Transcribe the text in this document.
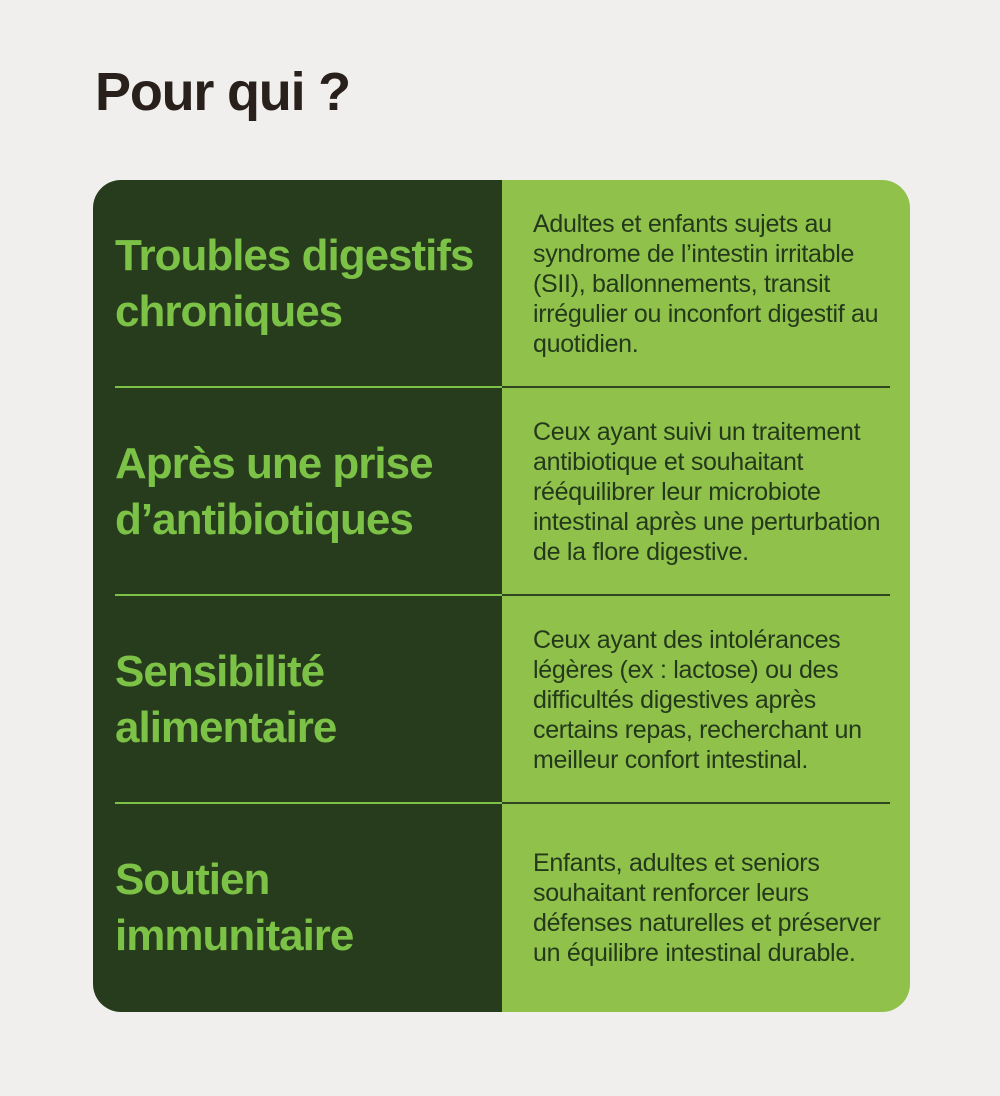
Pour qui ?
Troubles digestifs chroniques

Adultes et enfants sujets au syndrome de l’intestin irritable (SII), ballonnements, transit irrégulier ou inconfort digestif au quotidien.

Après une prise d’antibiotiques

Ceux ayant suivi un traitement antibiotique et souhaitant rééquilibrer leur microbiote intestinal après une perturbation de la flore digestive.

Sensibilité alimentaire

Ceux ayant des intolérances légères (ex : lactose) ou des difficultés digestives après certains repas, recherchant un meilleur confort intestinal.

Soutien immunitaire

Enfants, adultes et seniors souhaitant renforcer leurs défenses naturelles et préserver un équilibre intestinal durable.
